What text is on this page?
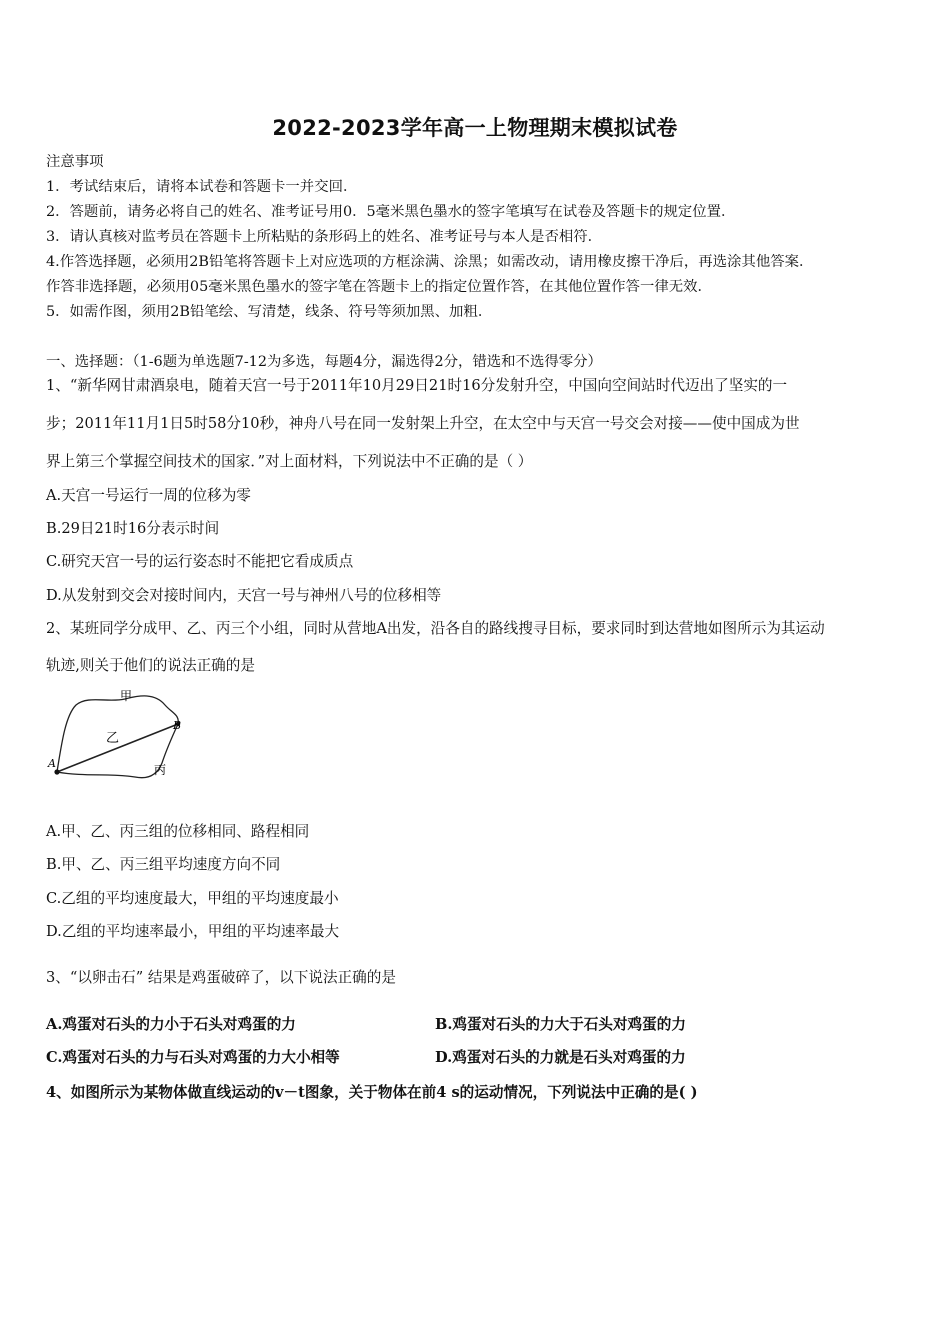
2022-2023学年高一上物理期末模拟试卷
注意事项
1．考试结束后，请将本试卷和答题卡一并交回．
2．答题前，请务必将自己的姓名、准考证号用0．5毫米黑色墨水的签字笔填写在试卷及答题卡的规定位置．
3．请认真核对监考员在答题卡上所粘贴的条形码上的姓名、准考证号与本人是否相符．
4.作答选择题，必须用2B铅笔将答题卡上对应选项的方框涂满、涂黑；如需改动，请用橡皮擦干净后，再选涂其他答案．
作答非选择题，必须用05毫米黑色墨水的签字笔在答题卡上的指定位置作答，在其他位置作答一律无效．
5．如需作图，须用2B铅笔绘、写清楚，线条、符号等须加黑、加粗．
一、选择题：（1-6题为单选题7-12为多选，每题4分，漏选得2分，错选和不选得零分）
1、“新华网甘肃酒泉电，随着天宫一号于2011年10月29日21时16分发射升空，中国向空间站时代迈出了坚实的一
步；2011年11月1日5时58分10秒，神舟八号在同一发射架上升空，在太空中与天宫一号交会对接——使中国成为世
界上第三个掌握空间技术的国家．”对上面材料，下列说法中不正确的是（ ）
A.天宫一号运行一周的位移为零
B.29日21时16分表示时间
C.研究天宫一号的运行姿态时不能把它看成质点
D.从发射到交会对接时间内，天宫一号与神州八号的位移相等
2、某班同学分成甲、乙、丙三个小组，同时从营地A出发，沿各自的路线搜寻目标，要求同时到达营地如图所示为其运动
轨迹,则关于他们的说法正确的是
甲
乙
丙
A
B
A.甲、乙、丙三组的位移相同、路程相同
B.甲、乙、丙三组平均速度方向不同
C.乙组的平均速度最大，甲组的平均速度最小
D.乙组的平均速率最小，甲组的平均速率最大
3、“以卵击石” 结果是鸡蛋破碎了，以下说法正确的是
A.鸡蛋对石头的力小于石头对鸡蛋的力	B.鸡蛋对石头的力大于石头对鸡蛋的力
C.鸡蛋对石头的力与石头对鸡蛋的力大小相等	D.鸡蛋对石头的力就是石头对鸡蛋的力
4、如图所示为某物体做直线运动的v－t图象，关于物体在前4 s的运动情况，下列说法中正确的是( )
